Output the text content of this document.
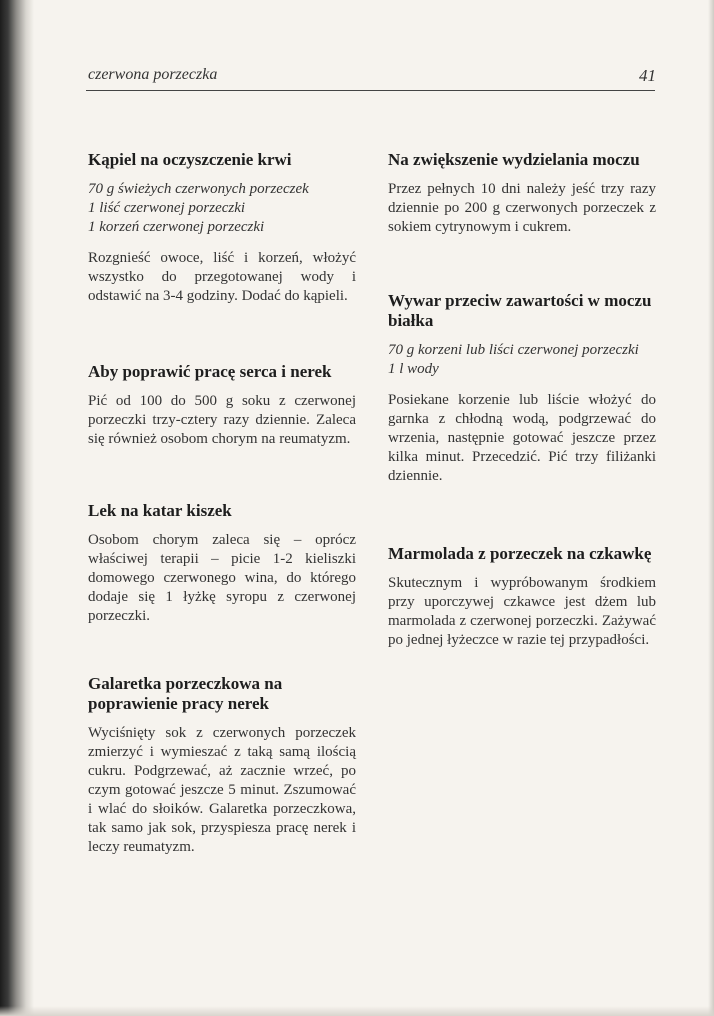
czerwona porzeczka	41
Kąpiel na oczyszczenie krwi
70 g świeżych czerwonych porzeczek
1 liść czerwonej porzeczki
1 korzeń czerwonej porzeczki

Rozgnieść owoce, liść i korzeń, włożyć wszystko do przegotowanej wody i odstawić na 3-4 godziny. Dodać do kąpieli.

Aby poprawić pracę serca i nerek

Pić od 100 do 500 g soku z czerwonej porzeczki trzy-cztery razy dziennie. Zaleca się również osobom chorym na reumatyzm.

Lek na katar kiszek

Osobom chorym zaleca się – oprócz właściwej terapii – picie 1-2 kieliszki domowego czerwonego wina, do którego dodaje się 1 łyżkę syropu z czerwonej porzeczki.

Galaretka porzeczkowa na poprawienie pracy nerek

Wyciśnięty sok z czerwonych porzeczek zmierzyć i wymieszać z taką samą ilością cukru. Podgrzewać, aż zacznie wrzeć, po czym gotować jeszcze 5 minut. Zszumować i wlać do słoików. Galaretka porzeczkowa, tak samo jak sok, przyspiesza pracę nerek i leczy reumatyzm.

Na zwiększenie wydzielania moczu

Przez pełnych 10 dni należy jeść trzy razy dziennie po 200 g czerwonych porzeczek z sokiem cytrynowym i cukrem.

Wywar przeciw zawartości w moczu białka
70 g korzeni lub liści czerwonej porzeczki
1 l wody

Posiekane korzenie lub liście włożyć do garnka z chłodną wodą, podgrzewać do wrzenia, następnie gotować jeszcze przez kilka minut. Przecedzić. Pić trzy filiżanki dziennie.

Marmolada z porzeczek na czkawkę

Skutecznym i wypróbowanym środkiem przy uporczywej czkawce jest dżem lub marmolada z czerwonej porzeczki. Zażywać po jednej łyżeczce w razie tej przypadłości.
